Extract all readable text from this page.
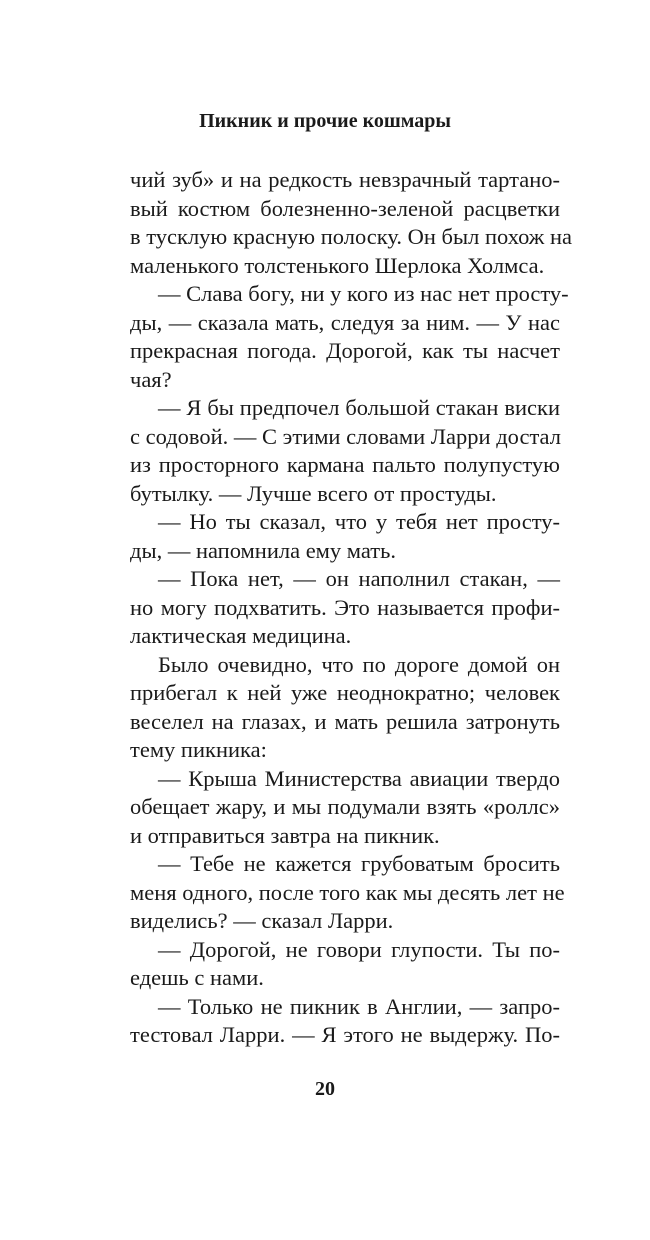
Пикник и прочие кошмары

чий зуб» и на редкость невзрачный тартано-
вый костюм болезненно-зеленой расцветки
в тусклую красную полоску. Он был похож на
маленького толстенького Шерлока Холмса.

— Слава богу, ни у кого из нас нет просту-
ды, — сказала мать, следуя за ним. — У нас
прекрасная погода. Дорогой, как ты насчет
чая?

— Я бы предпочел большой стакан виски
с содовой. — С этими словами Ларри достал
из просторного кармана пальто полупустую
бутылку. — Лучше всего от простуды.

— Но ты сказал, что у тебя нет просту-
ды, — напомнила ему мать.

— Пока нет, — он наполнил стакан, —
но могу подхватить. Это называется профи-
лактическая медицина.

Было очевидно, что по дороге домой он
прибегал к ней уже неоднократно; человек
веселел на глазах, и мать решила затронуть
тему пикника:

— Крыша Министерства авиации твердо
обещает жару, и мы подумали взять «роллс»
и отправиться завтра на пикник.

— Тебе не кажется грубоватым бросить
меня одного, после того как мы десять лет не
виделись? — сказал Ларри.

— Дорогой, не говори глупости. Ты по-
едешь с нами.

— Только не пикник в Англии, — запро-
тестовал Ларри. — Я этого не выдержу. По-

20
